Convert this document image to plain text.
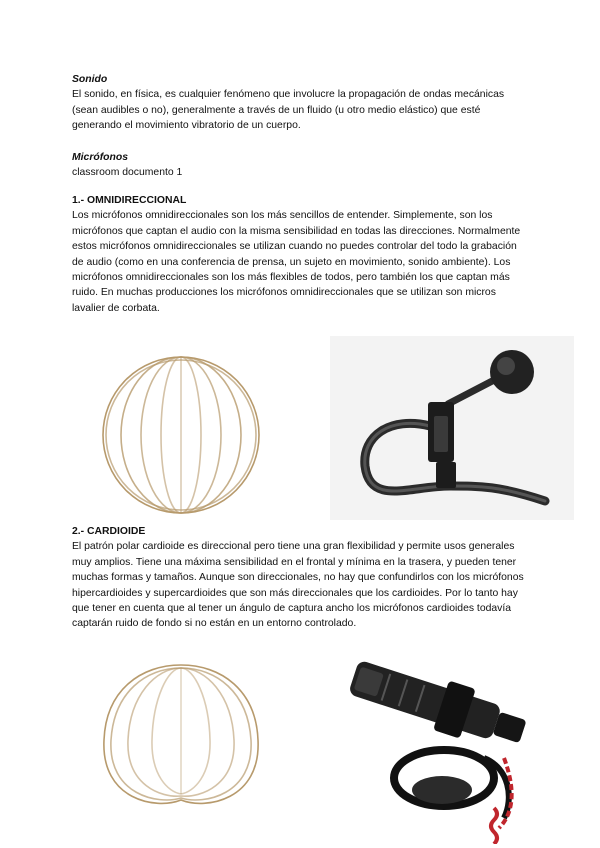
Sonido

El sonido, en física, es cualquier fenómeno que involucre la propagación de ondas mecánicas (sean audibles o no), generalmente a través de un fluido (u otro medio elástico) que esté generando el movimiento vibratorio de un cuerpo.

Micrófonos

classroom documento 1

1.- OMNIDIRECCIONAL

Los micrófonos omnidireccionales son los más sencillos de entender. Simplemente, son los micrófonos que captan el audio con la misma sensibilidad en todas las direcciones. Normalmente estos micrófonos omnidireccionales se utilizan cuando no puedes controlar del todo la grabación de audio (como en una conferencia de prensa, un sujeto en movimiento, sonido ambiente). Los micrófonos omnidireccionales son los más flexibles de todos, pero también los que captan más ruido. En muchas producciones los micrófonos omnidireccionales que se utilizan son micros lavalier de corbata.

2.- CARDIOIDE

El patrón polar cardioide es direccional pero tiene una gran flexibilidad y permite usos generales muy amplios. Tiene una máxima sensibilidad en el frontal y mínima en la trasera, y pueden tener muchas formas y tamaños. Aunque son direccionales, no hay que confundirlos con los micrófonos hipercardioides y supercardioides que son más direccionales que los cardioides. Por lo tanto hay que tener en cuenta que al tener un ángulo de captura ancho los micrófonos cardioides todavía captarán ruido de fondo si no están en un entorno controlado.
